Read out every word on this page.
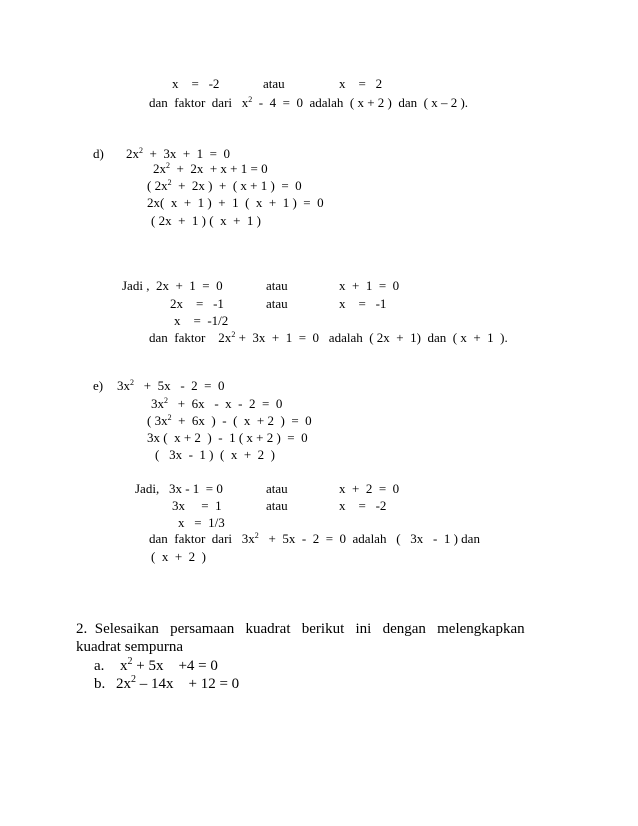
x    =   -2	atau	x    =   2
dan  faktor  dari   $x^2 - 4 = 0$  adalah  ( x + 2 )  dan  ( x – 2 ).
d) $2x^2 + 3x + 1 = 0$
$2x^2 + 2x + x + 1 = 0$
( $2x^2 + 2x$ )  +  ( x + 1 )  =  0
2x(  x  +  1 )  +  1  (  x  +  1 )  =  0
( 2x  +  1 ) (  x  +  1 )
Jadi ,  2x  +  1  =  0	atau	x  +  1  =  0
2x    =   -1	atau	x    =   -1
x    =  -1/2
dan  faktor    $2x^2 + 3x + 1 = 0$   adalah  ( 2x  +  1)  dan  ( x  +  1  ).
e) $3x^2 + 5x - 2 = 0$
$3x^2 + 6x - x - 2 = 0$
( $3x^2 + 6x$  )  -  (  x  + 2  )  =  0
3x (  x + 2  )  -  1 ( x + 2 )  =  0
(   3x  -  1 )  (  x  +  2  )
Jadi,   3x - 1  = 0	atau	x  +  2  =  0
3x     =  1	atau	x    =   -2
x   =  1/3
dan  faktor  dari   $3x^2 + 5x - 2 = 0$  adalah   (   3x   -  1 ) dan
(  x  +  2  )
2.  Selesaikan   persamaan   kuadrat   berikut   ini   dengan   melengkapkan
kuadrat sempurna
a. $x^2 + 5x$    +4 = 0
b. $2x^2 - 14x$    + 12 = 0
